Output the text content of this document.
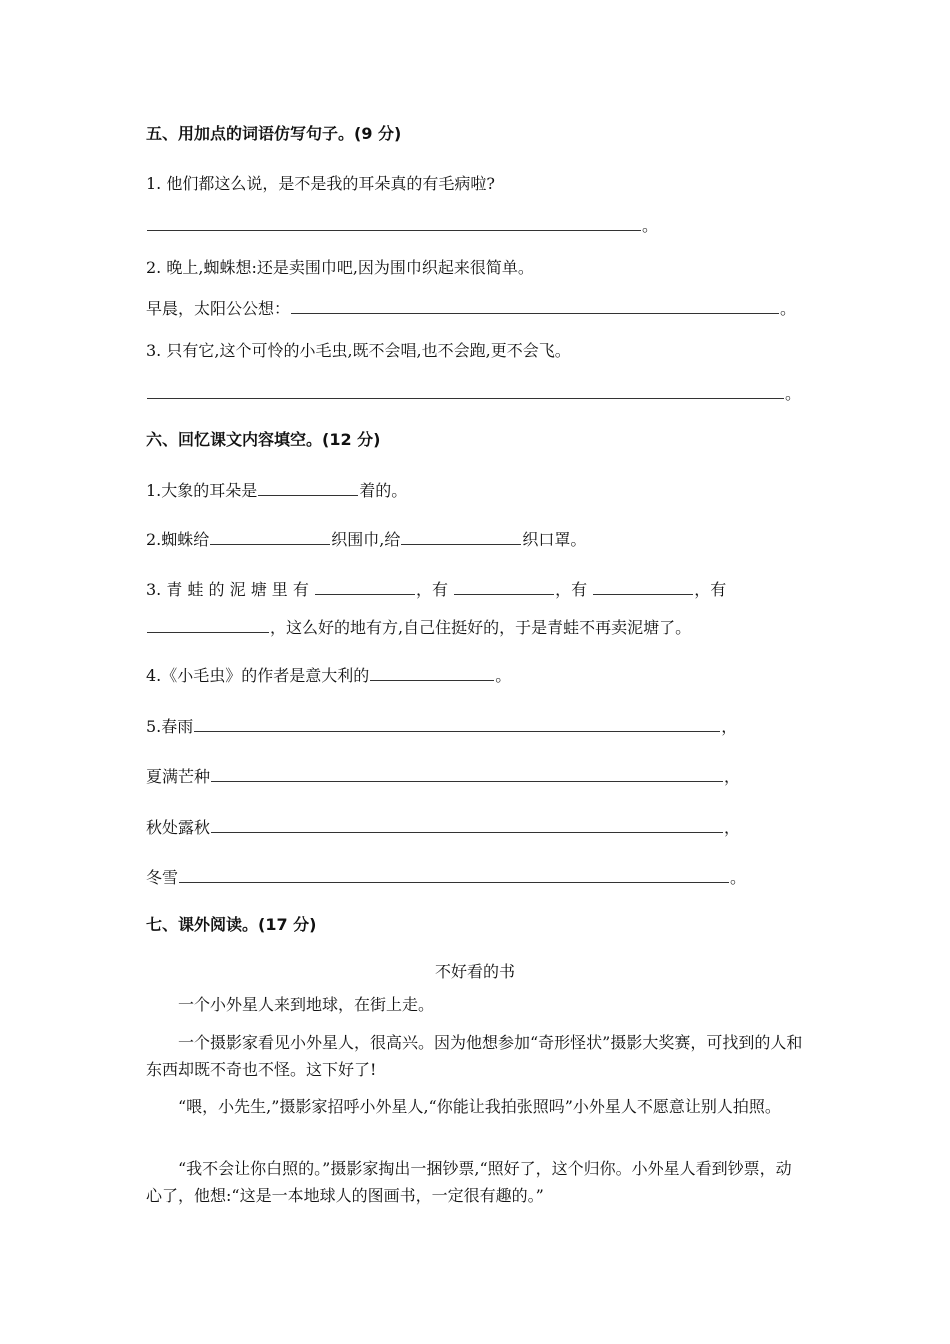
五、用加点的词语仿写句子。(9 分)
1. 他们都这么说，是不是我的耳朵真的有毛病啦?
。
2. 晚上,蜘蛛想:还是卖围巾吧,因为围巾织起来很简单。
早晨，太阳公公想：	。
3. 只有它,这个可怜的小毛虫,既不会唱,也不会跑,更不会飞。
。
六、回忆课文内容填空。(12 分)
1.大象的耳朵是	着的。
2.蜘蛛给	织围巾,给	织口罩。
3. 青 蛙 的 泥 塘 里 有	，有	，有	，有
，这么好的地有方,自己住挺好的，于是青蛙不再卖泥塘了。
4.《小毛虫》的作者是意大利的	。
5.春雨	，
夏满芒种	，
秋处露秋	，
冬雪	。
七、课外阅读。(17 分)
不好看的书
一个小外星人来到地球，在街上走。
一个摄影家看见小外星人，很高兴。因为他想参加“奇形怪状”摄影大奖赛，可找到的人和东西却既不奇也不怪。这下好了!
“喂，小先生,”摄影家招呼小外星人,“你能让我拍张照吗”小外星人不愿意让别人拍照。
“我不会让你白照的。”摄影家掏出一捆钞票,“照好了，这个归你。小外星人看到钞票，动心了，他想:“这是一本地球人的图画书，一定很有趣的。”
